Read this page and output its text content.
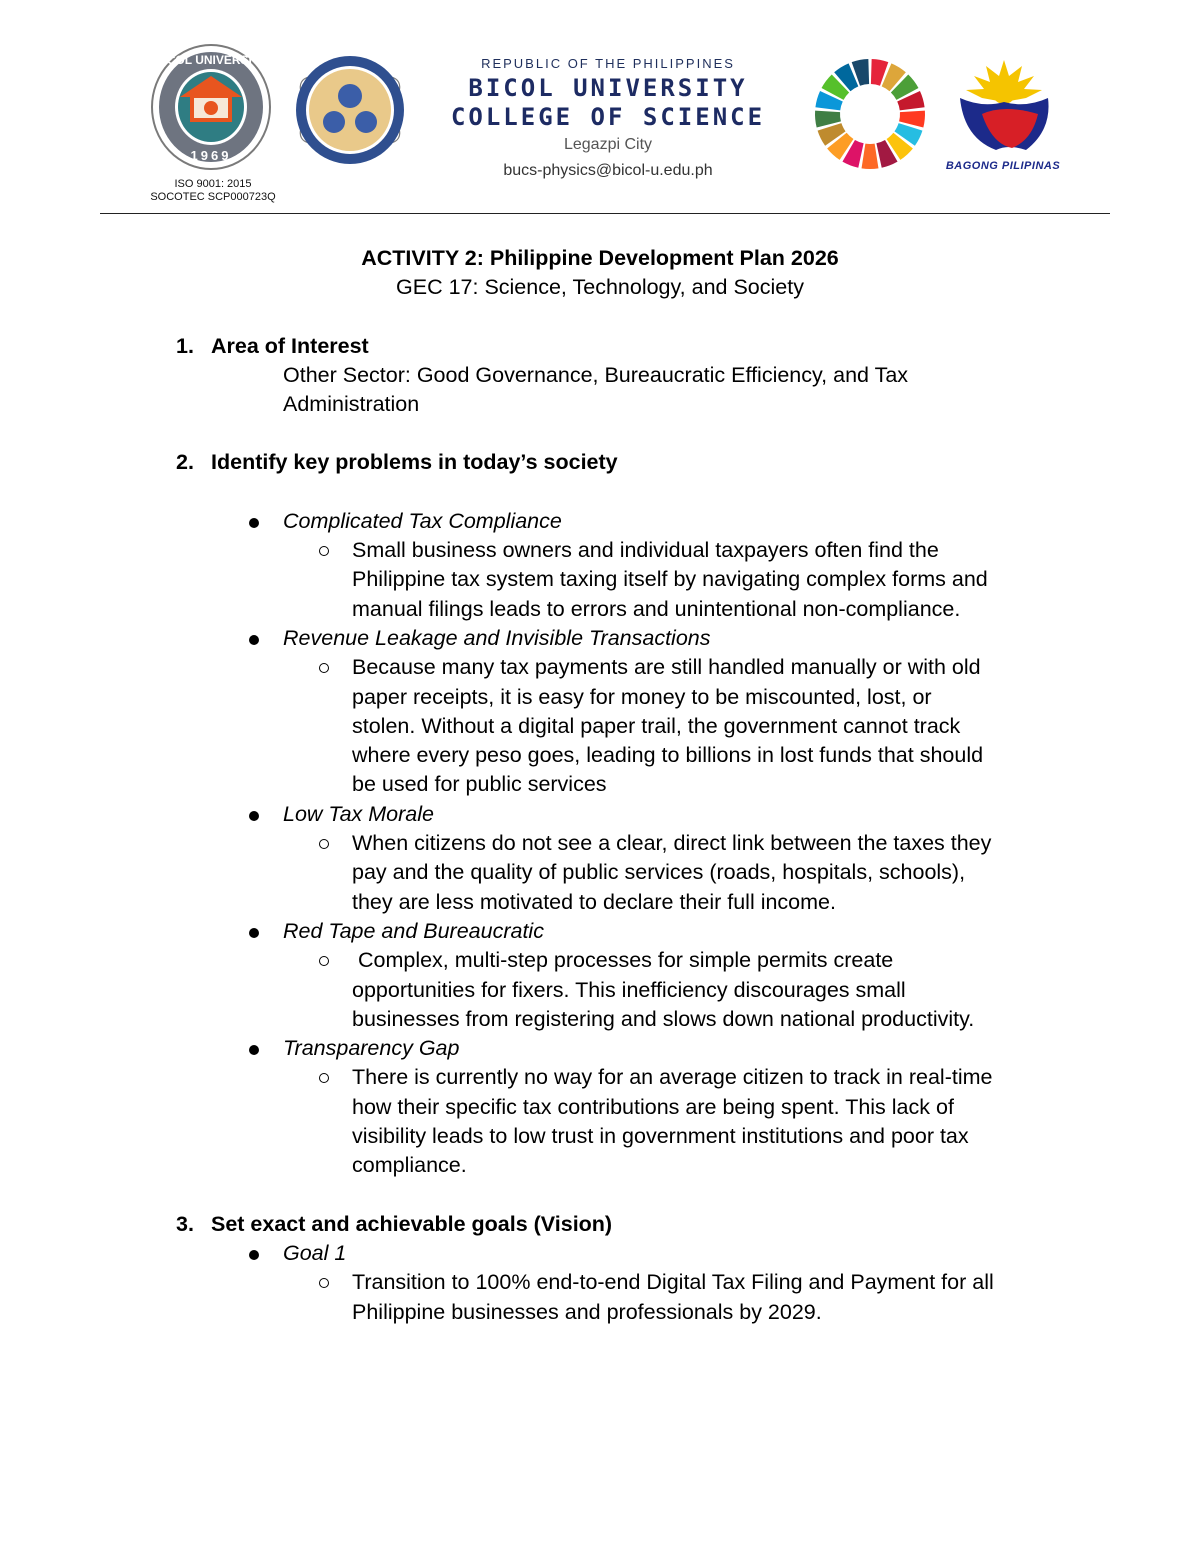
BICOL UNIVERSITY
1969
ISO 9001: 2015
SOCOTEC SCP000723Q
REPUBLIC OF THE PHILIPPINES
BICOL UNIVERSITY
COLLEGE OF SCIENCE
Legazpi City
bucs-physics@bicol-u.edu.ph	BAGONG PILIPINAS
ACTIVITY 2: Philippine Development Plan 2026
GEC 17: Science, Technology, and Society
1. Area of Interest
Other Sector: Good Governance, Bureaucratic Efficiency, and Tax
Administration
2. Identify key problems in today’s society
Complicated Tax Compliance
Small business owners and individual taxpayers often find the
Philippine tax system taxing itself by navigating complex forms and
manual filings leads to errors and unintentional non-compliance.
Revenue Leakage and Invisible Transactions
Because many tax payments are still handled manually or with old
paper receipts, it is easy for money to be miscounted, lost, or
stolen. Without a digital paper trail, the government cannot track
where every peso goes, leading to billions in lost funds that should
be used for public services
Low Tax Morale
When citizens do not see a clear, direct link between the taxes they
pay and the quality of public services (roads, hospitals, schools),
they are less motivated to declare their full income.
Red Tape and Bureaucratic
Complex, multi-step processes for simple permits create
opportunities for fixers. This inefficiency discourages small
businesses from registering and slows down national productivity.
Transparency Gap
There is currently no way for an average citizen to track in real-time
how their specific tax contributions are being spent. This lack of
visibility leads to low trust in government institutions and poor tax
compliance.
3. Set exact and achievable goals (Vision)
Goal 1
Transition to 100% end-to-end Digital Tax Filing and Payment for all
Philippine businesses and professionals by 2029.
